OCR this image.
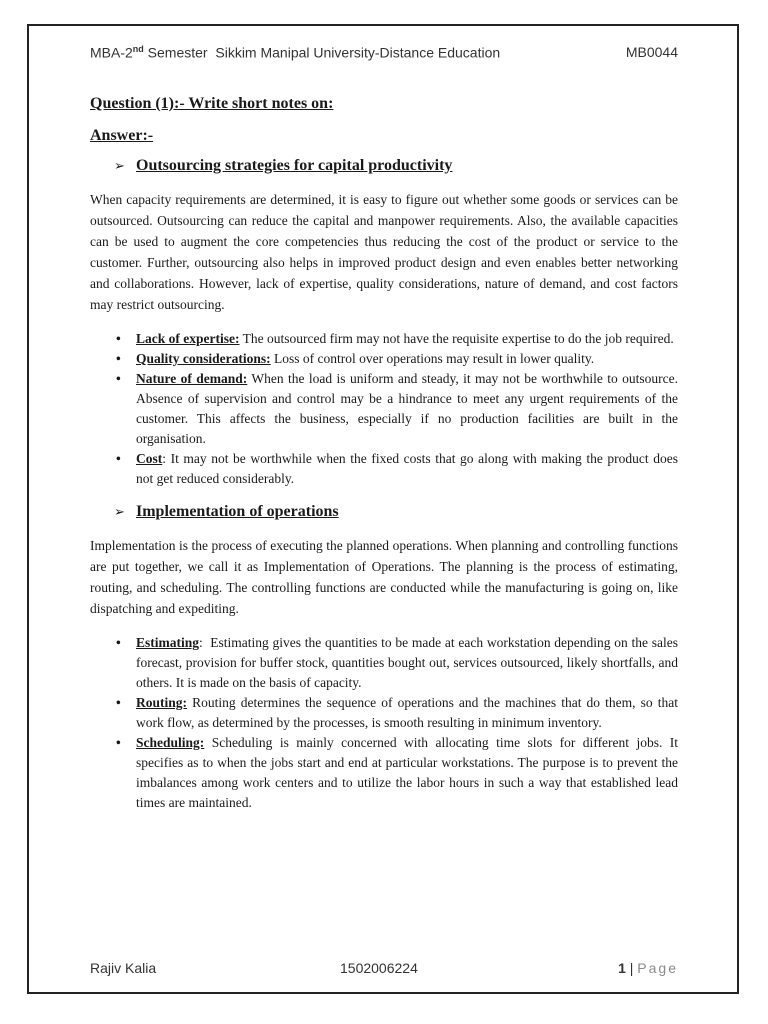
MBA-2nd Semester  Sikkim Manipal University-Distance Education	MB0044
Question (1):- Write short notes on:
Answer:-
➢ Outsourcing strategies for capital productivity

When capacity requirements are determined, it is easy to figure out whether some goods or services can be outsourced. Outsourcing can reduce the capital and manpower requirements. Also, the available capacities can be used to augment the core competencies thus reducing the cost of the product or service to the customer. Further, outsourcing also helps in improved product design and even enables better networking and collaborations. However, lack of expertise, quality considerations, nature of demand, and cost factors may restrict outsourcing.

• Lack of expertise: The outsourced firm may not have the requisite expertise to do the job required.
• Quality considerations: Loss of control over operations may result in lower quality.
• Nature of demand: When the load is uniform and steady, it may not be worthwhile to outsource. Absence of supervision and control may be a hindrance to meet any urgent requirements of the customer. This affects the business, especially if no production facilities are built in the organisation.
• Cost: It may not be worthwhile when the fixed costs that go along with making the product does not get reduced considerably.
➢ Implementation of operations

Implementation is the process of executing the planned operations. When planning and controlling functions are put together, we call it as Implementation of Operations. The planning is the process of estimating, routing, and scheduling. The controlling functions are conducted while the manufacturing is going on, like dispatching and expediting.

• Estimating:  Estimating gives the quantities to be made at each workstation depending on the sales forecast, provision for buffer stock, quantities bought out, services outsourced, likely shortfalls, and others. It is made on the basis of capacity.
• Routing: Routing determines the sequence of operations and the machines that do them, so that work flow, as determined by the processes, is smooth resulting in minimum inventory.
• Scheduling: Scheduling is mainly concerned with allocating time slots for different jobs. It specifies as to when the jobs start and end at particular workstations. The purpose is to prevent the imbalances among work centers and to utilize the labor hours in such a way that established lead times are maintained.
Rajiv Kalia	1502006224	1 | Page
